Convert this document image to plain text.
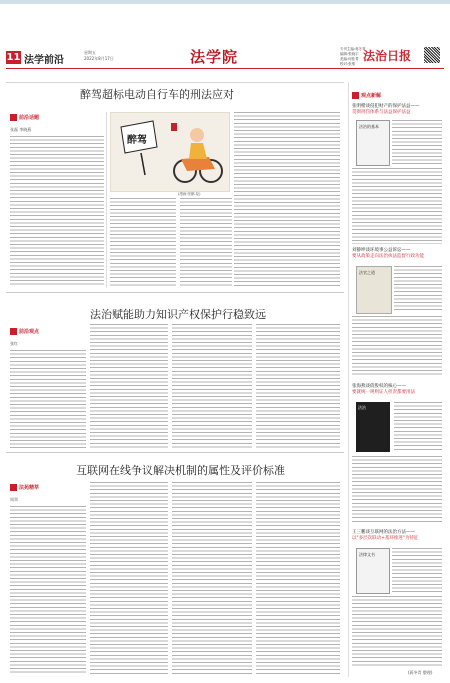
11 法学前沿
星期五
2022年8月17日	法学院	专刊主编:蒋冬青
编辑:张晓宇
美编:何桂菁
校对:张维
法治日报
醉驾超标电动自行车的刑法应对
前沿话题
张磊 李晓燕
醉驾
(漫画:张鹏 绘)
法治赋能助力知识产权保护行稳致远
前沿观点
张红
互联网在线争议解决机制的属性及评价标准
法苑精萃
周翠
观点新解
张明楷谈侵犯财产的保护法益——
贯彻刑罚体系与法益保护法益
法治的基本
刘静坤谈环境事公益诉讼——
要从政策走向法治执法监督行政功能
法官之道
张海燕谈债股权的核心——
要就统一规则证人担责都要用法
法治
王三鹏谈互联网的法治方法——
以"多层次联动+基环推进"为特征
法律文书
(蒋冬青 整理)
